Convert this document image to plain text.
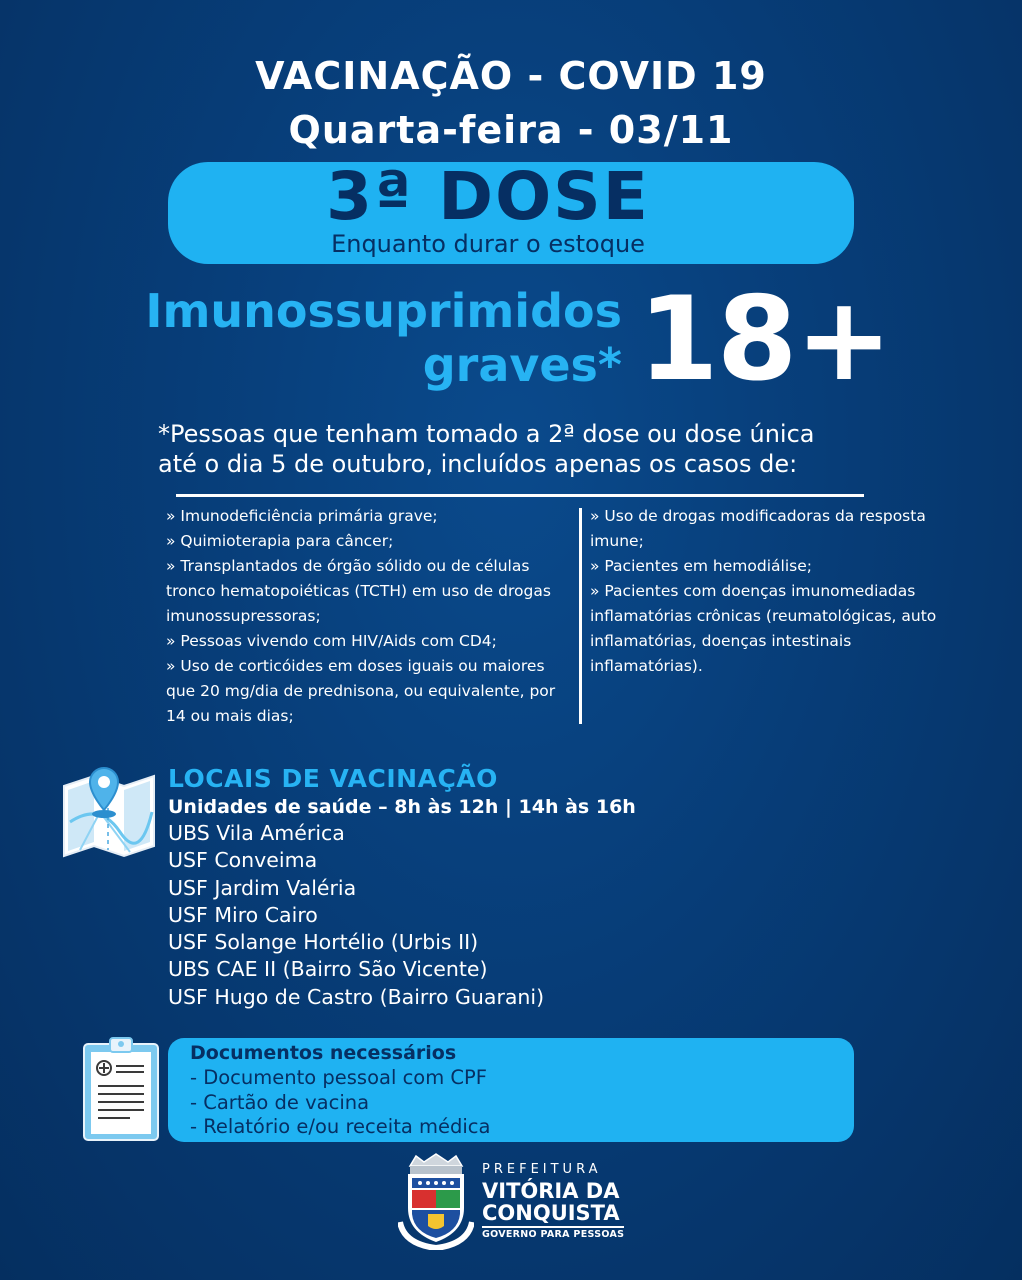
VACINAÇÃO - COVID 19
Quarta-feira - 03/11
3ª DOSE
Enquanto durar o estoque
Imunossuprimidos
graves* 18+
*Pessoas que tenham tomado a 2ª dose ou dose única
até o dia 5 de outubro, incluídos apenas os casos de:

» Imunodeficiência primária grave;

» Quimioterapia para câncer;

» Transplantados de órgão sólido ou de células tronco hematopoiéticas (TCTH) em uso de drogas imunossupressoras;

» Pessoas vivendo com HIV/Aids com CD4;

» Uso de corticóides em doses iguais ou maiores que 20 mg/dia de prednisona, ou equivalente, por 14 ou mais dias;

» Uso de drogas modificadoras da resposta imune;

» Pacientes em hemodiálise;

» Pacientes com doenças imunomediadas inflamatórias crônicas (reumatológicas, auto inflamatórias, doenças intestinais inflamatórias).

LOCAIS DE VACINAÇÃO
Unidades de saúde – 8h às 12h | 14h às 16h
UBS Vila América
USF Conveima
USF Jardim Valéria
USF Miro Cairo
USF Solange Hortélio (Urbis II)
UBS CAE II (Bairro São Vicente)
USF Hugo de Castro (Bairro Guarani)
Documentos necessários
- Documento pessoal com CPF
- Cartão de vacina
- Relatório e/ou receita médica
PREFEITURA
VITÓRIA DA
CONQUISTA
GOVERNO PARA PESSOAS
